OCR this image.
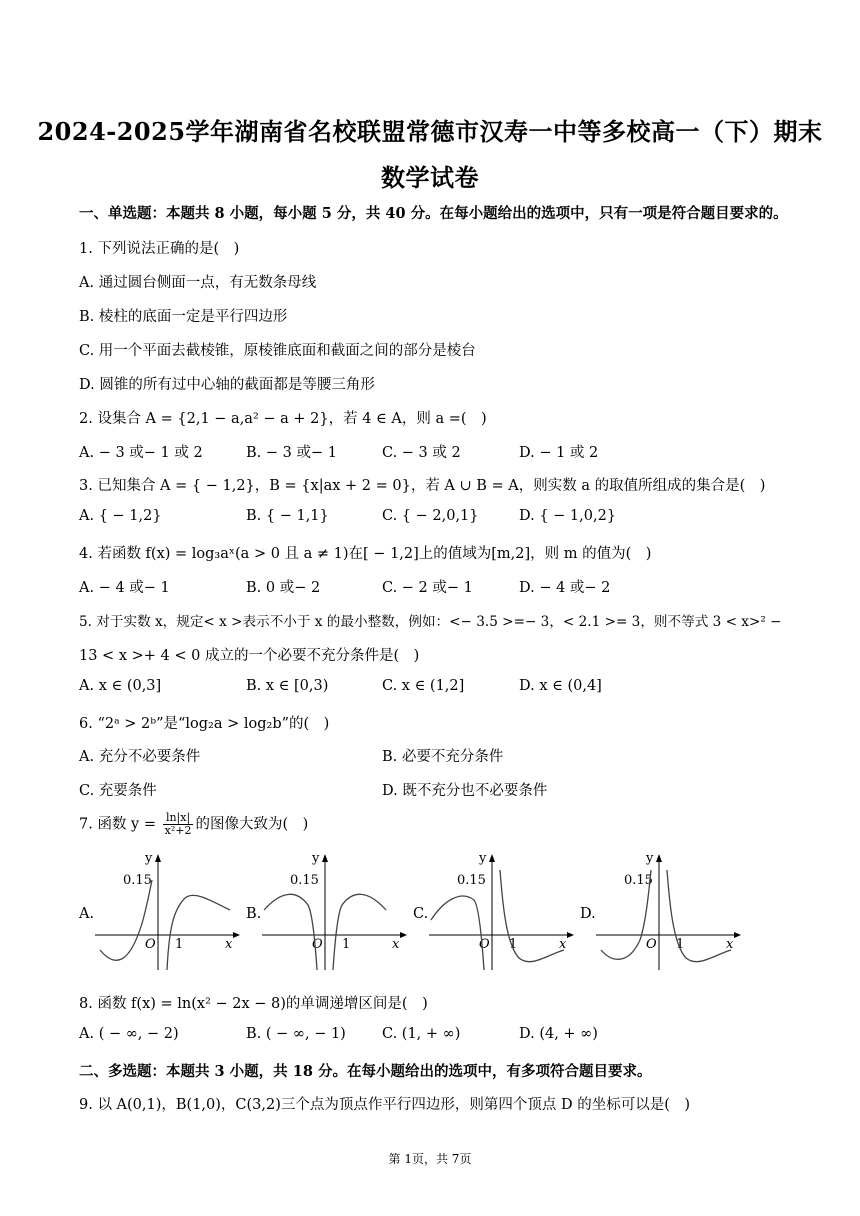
2024-2025学年湖南省名校联盟常德市汉寿一中等多校高一（下）期末
数学试卷
一、单选题：本题共 8 小题，每小题 5 分，共 40 分。在每小题给出的选项中，只有一项是符合题目要求的。
1. 下列说法正确的是(　)
A. 通过圆台侧面一点，有无数条母线
B. 棱柱的底面一定是平行四边形
C. 用一个平面去截棱锥，原棱锥底面和截面之间的部分是棱台
D. 圆锥的所有过中心轴的截面都是等腰三角形
2. 设集合 A = {2,1 − a,a² − a + 2}，若 4 ∈ A，则 a =(　)
A. − 3 或− 1 或 2	B. − 3 或− 1	C. − 3 或 2	D. − 1 或 2
3. 已知集合 A = { − 1,2}，B = {x|ax + 2 = 0}，若 A ∪ B = A，则实数 a 的取值所组成的集合是(　)
A. { − 1,2}	B. { − 1,1}	C. { − 2,0,1}	D. { − 1,0,2}
4. 若函数 f(x) = log₃aˣ(a > 0 且 a ≠ 1)在[ − 1,2]上的值域为[m,2]，则 m 的值为(　)
A. − 4 或− 1	B. 0 或− 2	C. − 2 或− 1	D. − 4 或− 2
5. 对于实数 x，规定< x >表示不小于 x 的最小整数，例如：<− 3.5 >=− 3，< 2.1 >= 3，则不等式 3 < x>² −
13 < x >+ 4 < 0 成立的一个必要不充分条件是(　)
A. x ∈ (0,3]	B. x ∈ [0,3)	C. x ∈ (1,2]	D. x ∈ (0,4]
6. “2ᵃ > 2ᵇ”是“log₂a > log₂b”的(　)
A. 充分不必要条件	B. 必要不充分条件
C. 充要条件	D. 既不充分也不必要条件
7. 函数 $y = \frac{\ln|x|}{\text{x²+2}}$ 的图像大致为(　)
A.
y
0.15
x
O 1
B.
y
0.15
x
O 1
C.
y
0.15
x
O 1
D.
y
0.15
x
O 1
8. 函数 f(x) = ln(x² − 2x − 8)的单调递增区间是(　)
A. ( − ∞, − 2)	B. ( − ∞, − 1) C. (1, + ∞)	D. (4, + ∞)
二、多选题：本题共 3 小题，共 18 分。在每小题给出的选项中，有多项符合题目要求。
9. 以 A(0,1)，B(1,0)，C(3,2)三个点为顶点作平行四边形，则第四个顶点 D 的坐标可以是(　)
第 1页，共 7页
